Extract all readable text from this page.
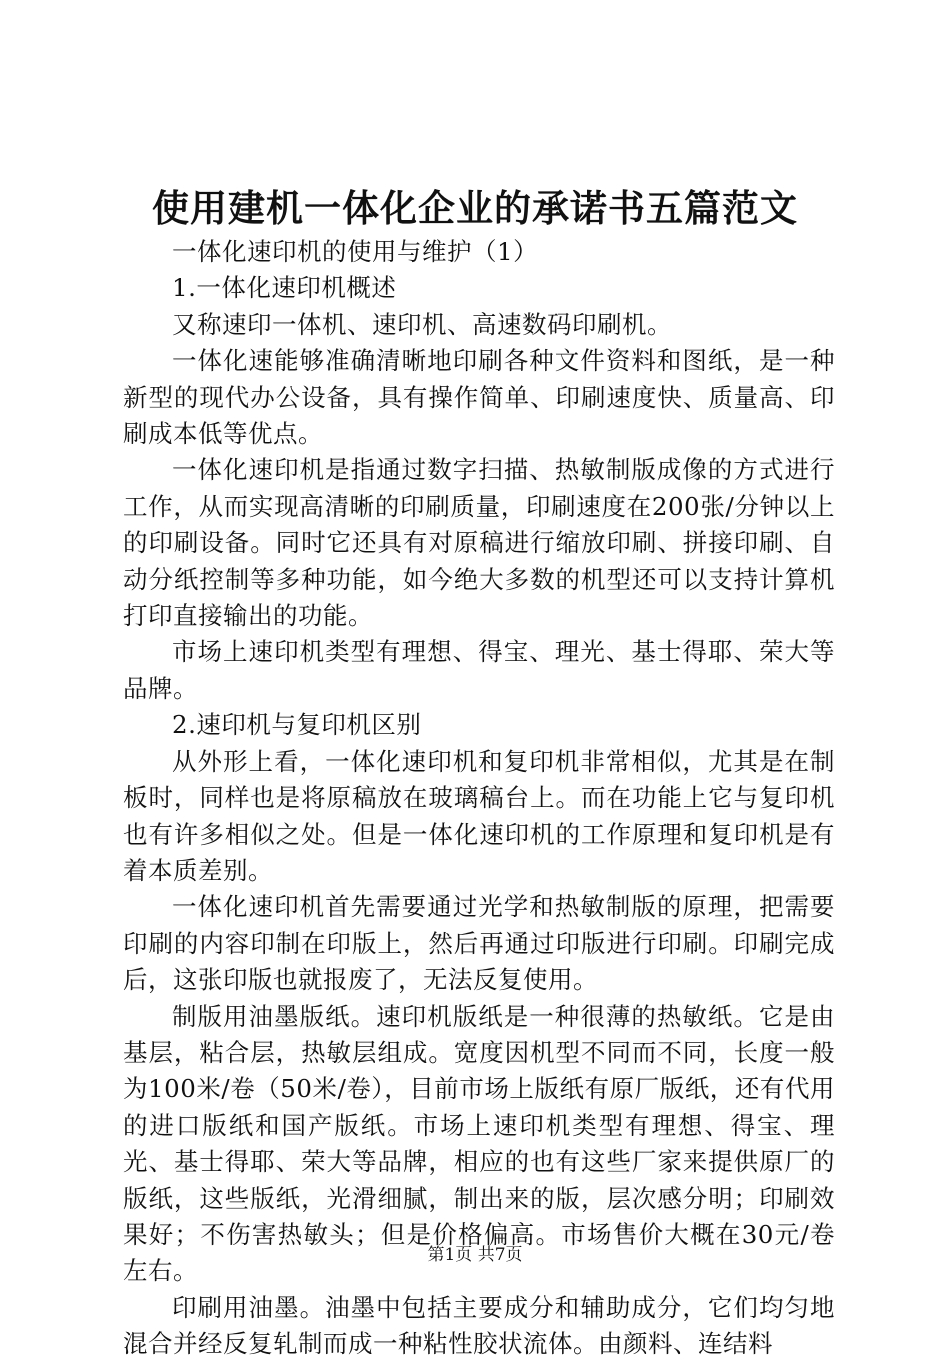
使用建机一体化企业的承诺书五篇范文

一体化速印机的使用与维护（1）

1.一体化速印机概述

又称速印一体机、速印机、高速数码印刷机。

一体化速能够准确清晰地印刷各种文件资料和图纸，是一种新型的现代办公设备，具有操作简单、印刷速度快、质量高、印刷成本低等优点。

一体化速印机是指通过数字扫描、热敏制版成像的方式进行工作，从而实现高清晰的印刷质量，印刷速度在200张/分钟以上的印刷设备。同时它还具有对原稿进行缩放印刷、拼接印刷、自动分纸控制等多种功能，如今绝大多数的机型还可以支持计算机打印直接输出的功能。

市场上速印机类型有理想、得宝、理光、基士得耶、荣大等品牌。

2.速印机与复印机区别

从外形上看，一体化速印机和复印机非常相似，尤其是在制板时，同样也是将原稿放在玻璃稿台上。而在功能上它与复印机也有许多相似之处。但是一体化速印机的工作原理和复印机是有着本质差别。

一体化速印机首先需要通过光学和热敏制版的原理，把需要印刷的内容印制在印版上，然后再通过印版进行印刷。印刷完成后，这张印版也就报废了，无法反复使用。

制版用油墨版纸。速印机版纸是一种很薄的热敏纸。它是由基层，粘合层，热敏层组成。宽度因机型不同而不同，长度一般为100米/卷（50米/卷），目前市场上版纸有原厂版纸，还有代用的进口版纸和国产版纸。市场上速印机类型有理想、得宝、理光、基士得耶、荣大等品牌，相应的也有这些厂家来提供原厂的版纸，这些版纸，光滑细腻，制出来的版，层次感分明；印刷效果好；不伤害热敏头；但是价格偏高。市场售价大概在30元/卷左右。

印刷用油墨。油墨中包括主要成分和辅助成分，它们均匀地混合并经反复轧制而成一种粘性胶状流体。由颜料、连结料

第1页 共7页
